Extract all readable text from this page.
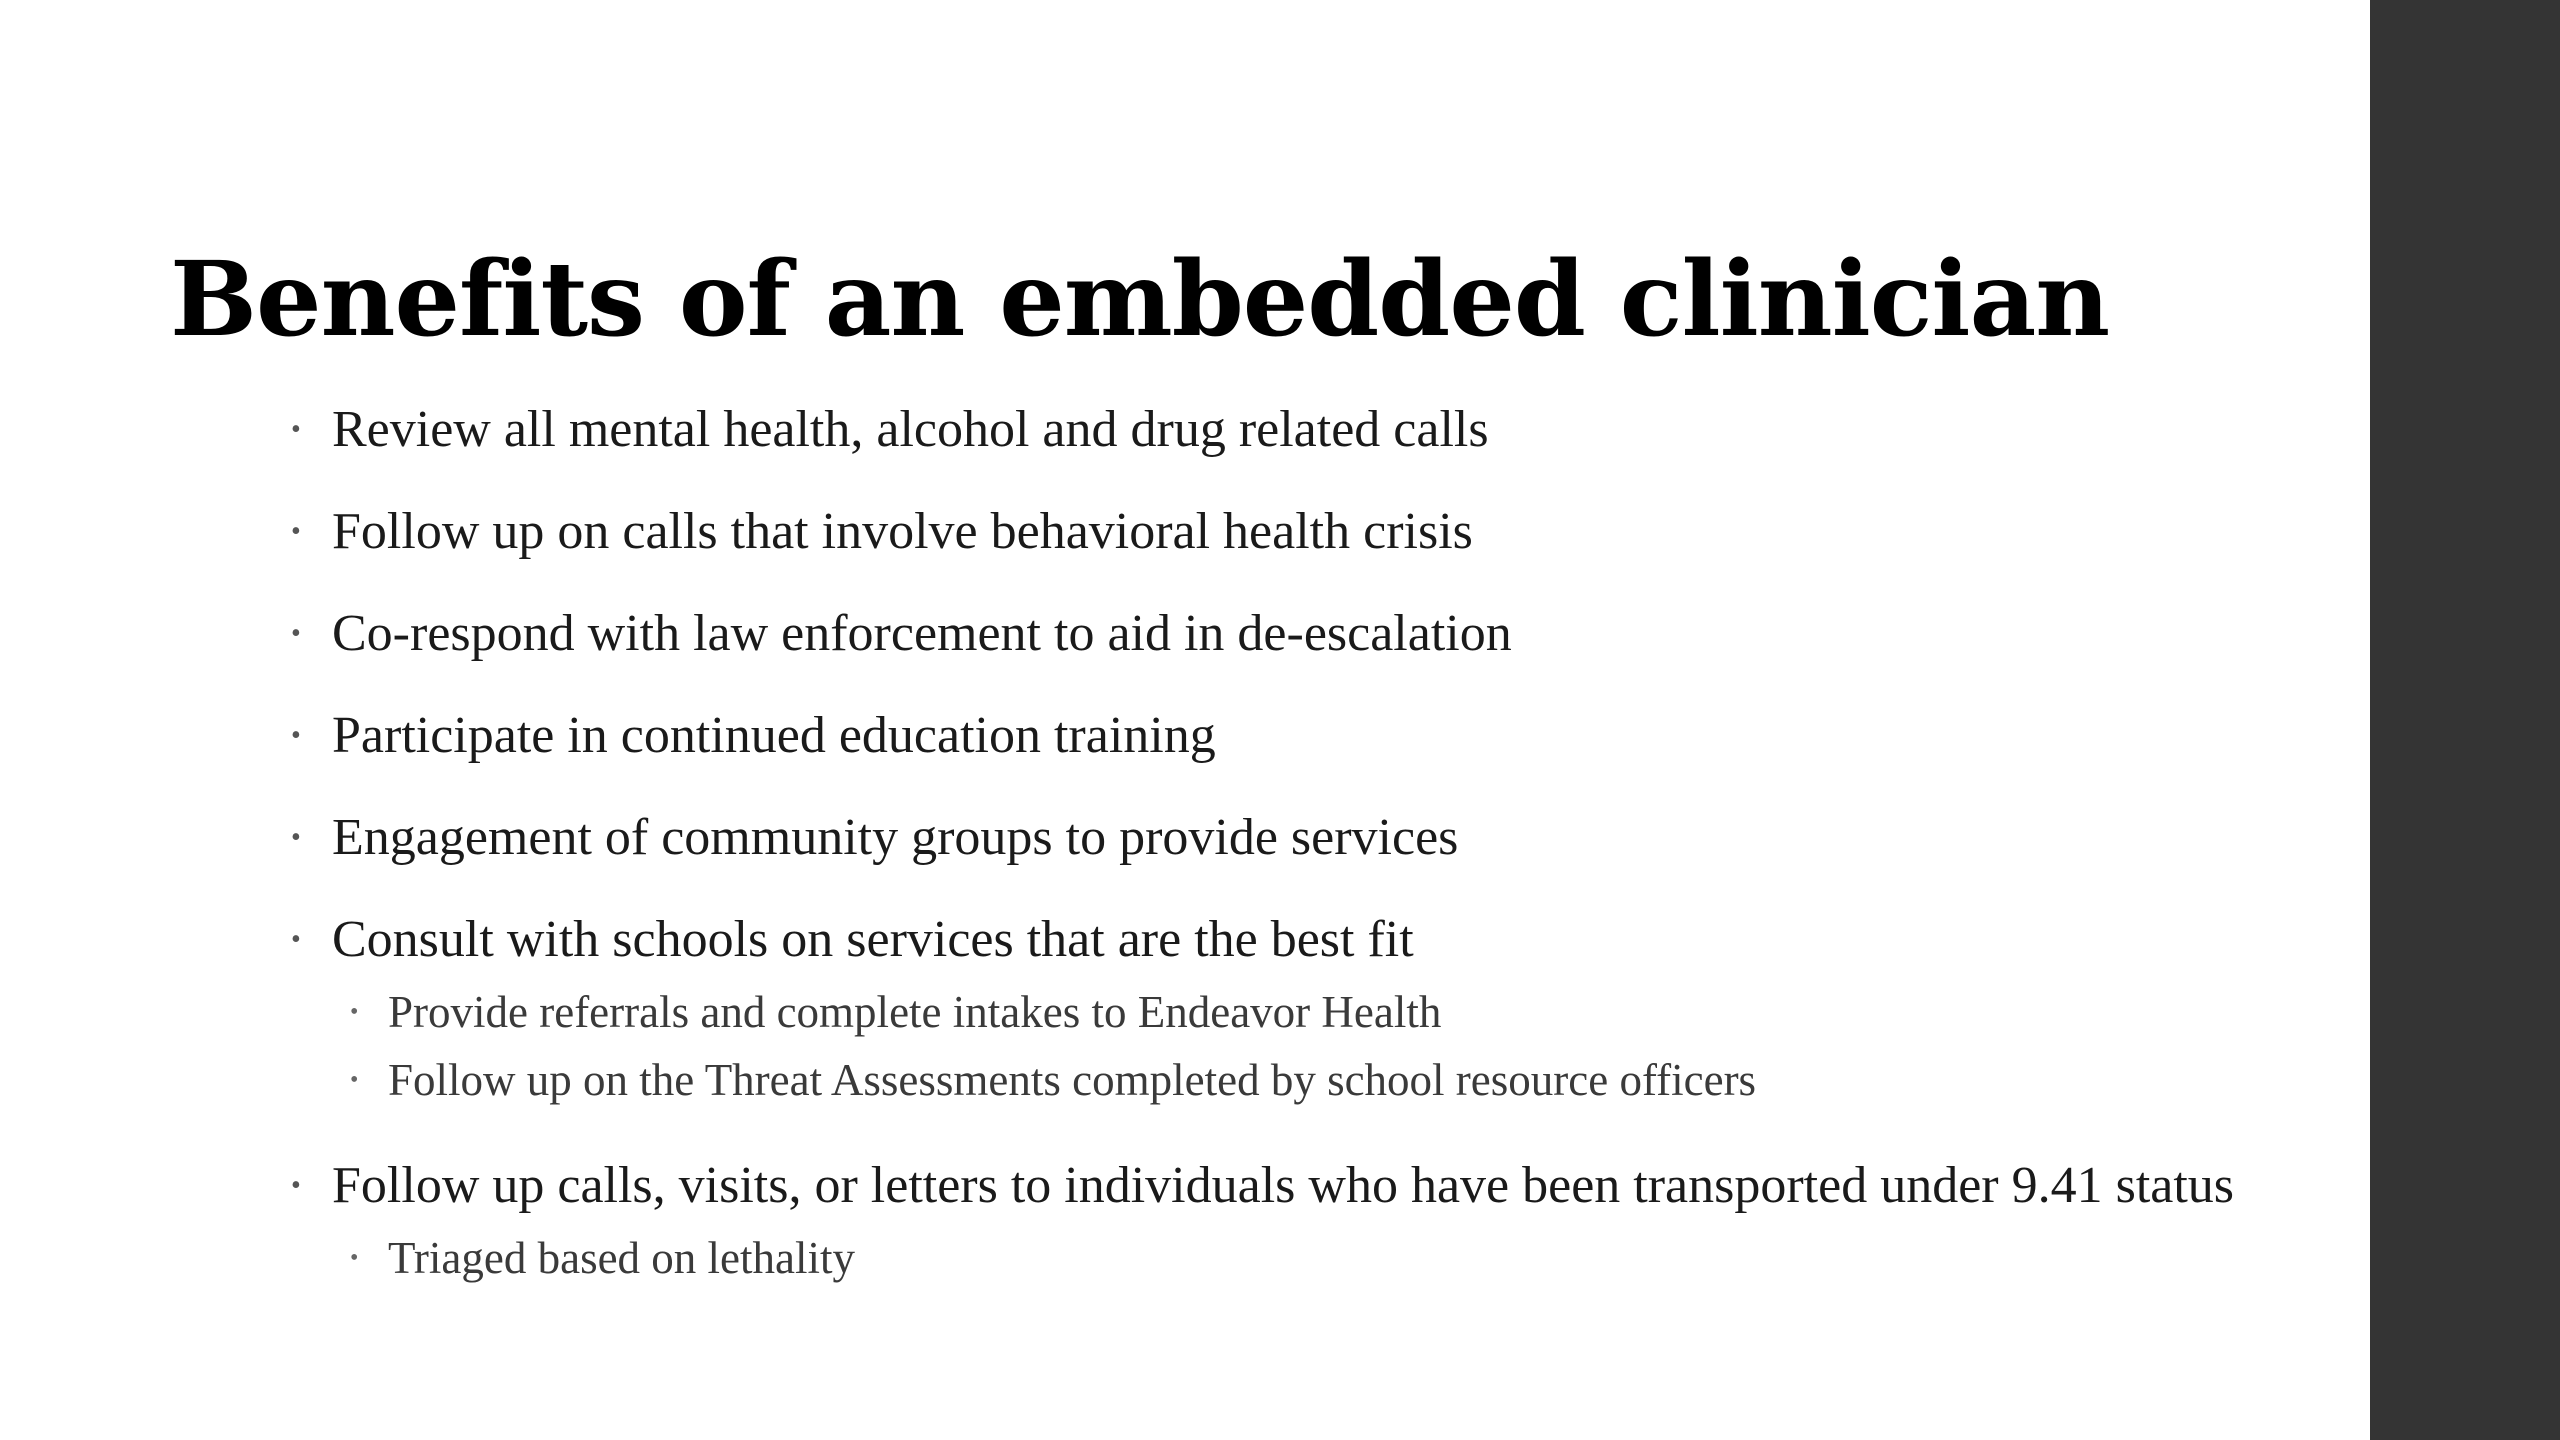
Benefits of an embedded clinician
• Review all mental health, alcohol and drug related calls
• Follow up on calls that involve behavioral health crisis
• Co-respond with law enforcement to aid in de-escalation
• Participate in continued education training
• Engagement of community groups to provide services
• Consult with schools on services that are the best fit
• Provide referrals and complete intakes to Endeavor Health
• Follow up on the Threat Assessments completed by school resource officers
• Follow up calls, visits, or letters to individuals who have been transported under 9.41 status
• Triaged based on lethality
